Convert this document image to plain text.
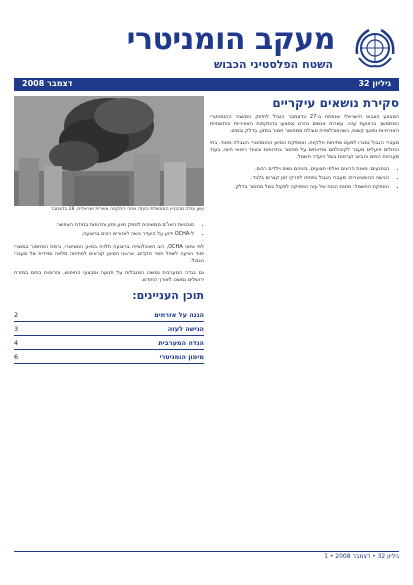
מעקב הומניטרי
השטח הפלסטיני הכבוש
דצמבר 2008	גיליון 32
עשן עולה מהבניין הממשלתי בעזה אחרי התקפה אווירית ישראלית, 28 בדצמבר
סקירת נושאים עיקריים

המבצע הצבאי הישראלי שנפתח ב-27 בדצמבר הוביל לחיזוק המשבר ההומניטרי המתמשך ברצועת עזה. עשרות אנשים נהרגו ונפצעו בהתקפות האוויריות והתשתיות האזרחיות נפגעו קשות, כשהאוכלוסייה סובלת ממחסור חמור במזון, בדלק ובמים.

מעברי הגבול נסגרו למעט פתיחות חלקיות, ואספקת הסיוע ההומניטרי הוגבלה מאוד. בתי החולים פועלים מעבר לקיבולתם ומדווחים על מחסור בתרופות ובציוד רפואי חיוני, בעוד מערכות המים והביוב קורסות בשל היעדר חשמל.

• הנפגעים: מאות הרוגים ואלפי פצועים, ביניהם נשים וילדים רבים.
• הגישה ההומניטרית: מעברי הגבול נפתחו לפרקי זמן קצרים בלבד.
• הספקת החשמל: תחנת הכוח של עזה הפסיקה לפעול בשל מחסור בדלק.
• סוכנויות האו"ם ממשיכות לספק סיוע מזון ותרופות במידת האפשר.
• ל-OCHA ידוע על היעדר גישה לאזורים רבים ברצועה.

לפי נתוני OCHA, רוב האוכלוסייה ברצועה תלויה בסיוע הומניטרי, ורמת המחסור במוצרי יסוד הגיעה לשפל חסר תקדים. ארגוני הסיוע קוראים לפתיחה מלאה ומיידית של מעברי הגבול.

גם בגדה המערבית נמשכו המגבלות על תנועה ומבצעי החיפוש, והריסות בתים במזרח ירושלים נמשכו לאורך החודש.

תוכן העניינים:
הגנה על אזרחים
2
הגישה לעזה
3
הגדה המערבית
4
מימון הומניטרי
6
גיליון 32 • דצמבר 2008 • 1
